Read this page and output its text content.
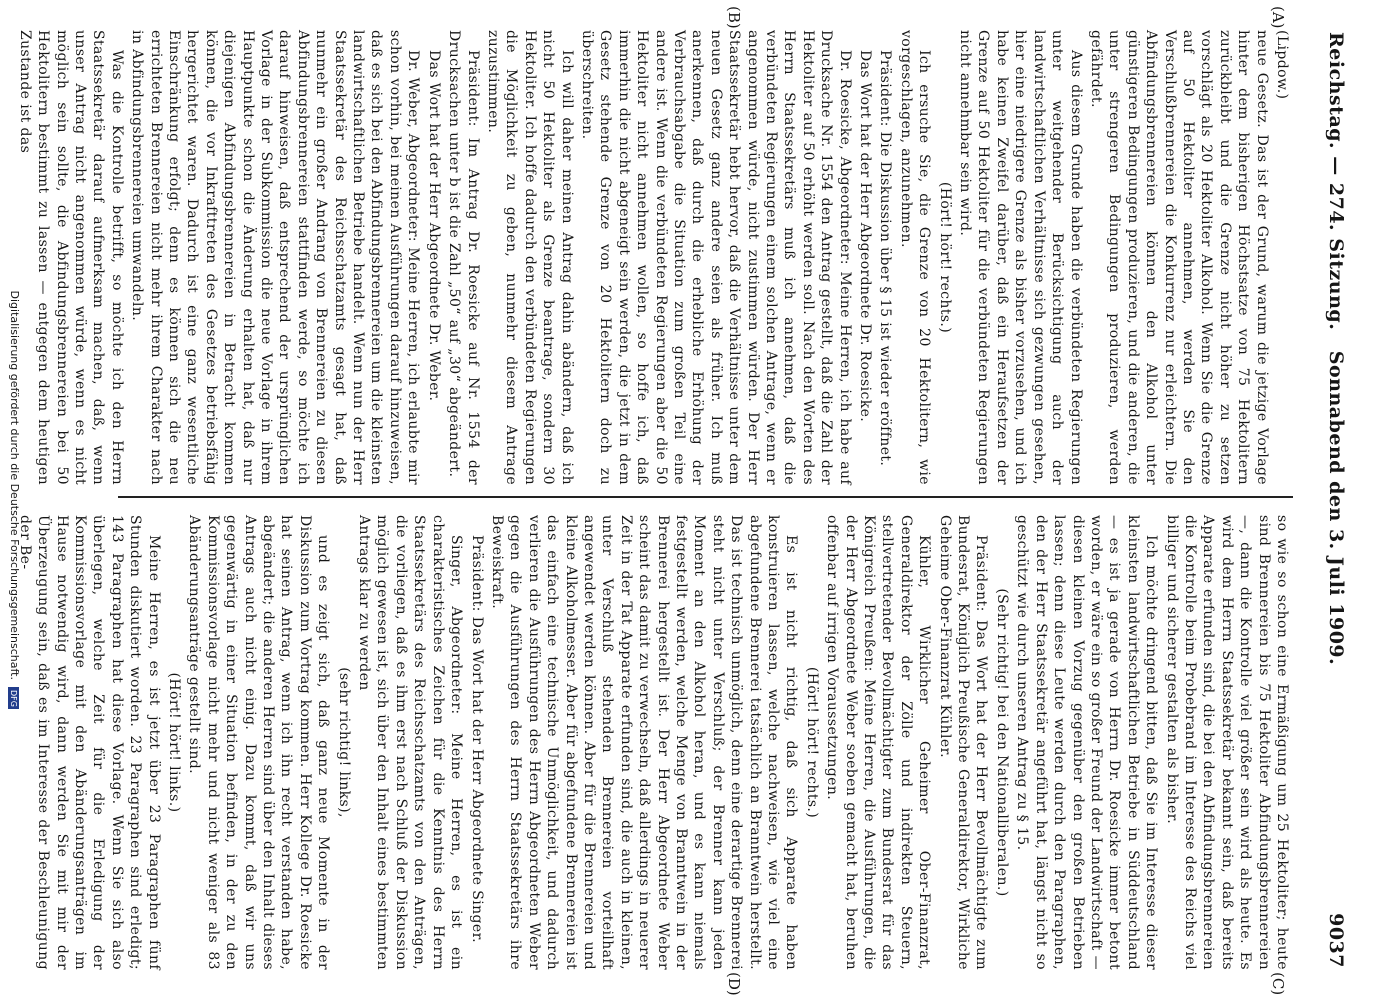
Reichstag. — 274. Sitzung.
Sonnabend den 3. Juli 1909.
9037
(A)
(B)
(C)
(D)

(Lipdow.)

neue Gesetz. Das ist der Grund, warum die jetzige Vorlage hinter dem bisherigen Höchstsatze von 75 Hektolitern zurückbleibt und die Grenze nicht höher zu setzen vorschlägt als 20 Hektoliter Alkohol. Wenn Sie die Grenze auf 50 Hektoliter annehmen, werden Sie den Verschlußbrennereien die Konkurrenz nur erleichtern. Die Abfindungsbrennereien können den Alkohol unter günstigeren Bedingungen produzieren, und die anderen, die unter strengeren Bedingungen produzieren, werden gefährdet.

Aus diesem Grunde haben die verbündeten Regierungen unter weitgehender Berücksichtigung auch der landwirtschaftlichen Verhältnisse sich gezwungen gesehen, hier eine niedrigere Grenze als bisher vorzusehen, und ich habe keinen Zweifel darüber, daß ein Heraufsetzen der Grenze auf 50 Hektoliter für die verbündeten Regierungen nicht annehmbar sein wird.

(Hört! hört! rechts.)

Ich ersuche Sie, die Grenze von 20 Hektolitern, wie vorgeschlagen, anzunehmen.

Präsident: Die Diskussion über § 15 ist wieder eröffnet.

Das Wort hat der Herr Abgeordnete Dr. Roesicke.

Dr. Roesicke, Abgeordneter: Meine Herren, ich habe auf Drucksache Nr. 1554 den Antrag gestellt, daß die Zahl der Hektoliter auf 50 erhöht werden soll. Nach den Worten des Herrn Staatssekretärs muß ich annehmen, daß die verbündeten Regierungen einem solchen Antrage, wenn er angenommen würde, nicht zustimmen würden. Der Herr Staatssekretär hebt hervor, daß die Verhältnisse unter dem neuen Gesetz ganz andere seien als früher. Ich muß anerkennen, daß durch die erhebliche Erhöhung der Verbrauchsabgabe die Situation zum großen Teil eine andere ist. Wenn die verbündeten Regierungen aber die 50 Hektoliter nicht annehmen wollen, so hoffe ich, daß immerhin die nicht abgeneigt sein werden, die jetzt in dem Gesetz stehende Grenze von 20 Hektolitern doch zu überschreiten.

Ich will daher meinen Antrag dahin abändern, daß ich nicht 50 Hektoliter als Grenze beantrage, sondern 30 Hektoliter. Ich hoffe dadurch den verbündeten Regierungen die Möglichkeit zu geben, nunmehr diesem Antrage zuzustimmen.

Präsident: Im Antrag Dr. Roesicke auf Nr. 1554 der Drucksachen unter b ist die Zahl „50“ auf „30“ abgeändert.

Das Wort hat der Herr Abgeordnete Dr. Weber.

Dr. Weber, Abgeordneter: Meine Herren, ich erlaubte mir schon vorhin, bei meinen Ausführungen darauf hinzuweisen, daß es sich bei den Abfindungsbrennereien um die kleinsten landwirtschaftlichen Betriebe handelt. Wenn nun der Herr Staatssekretär des Reichsschatzamts gesagt hat, daß nunmehr ein großer Andrang von Brennereien zu diesen Abfindungsbrennereien stattfinden werde, so möchte ich darauf hinweisen, daß entsprechend der ursprünglichen Vorlage in der Subkommission die neue Vorlage in ihrem Hauptpunkte schon die Änderung erhalten hat, daß nur diejenigen Abfindungsbrennereien in Betracht kommen können, die vor Inkrafttreten des Gesetzes betriebsfähig hergerichtet waren. Dadurch ist eine ganz wesentliche Einschränkung erfolgt; denn es können sich die neu errichteten Brennereien nicht mehr ihrem Charakter nach in Abfindungsbrennereien umwandeln.

Was die Kontrolle betrifft, so möchte ich den Herrn Staatssekretär darauf aufmerksam machen, daß, wenn unser Antrag nicht angenommen würde, wenn es nicht möglich sein sollte, die Abfindungsbrennereien bei 50 Hektolitern bestimmt zu lassen — entgegen dem heutigen Zustande ist das

so wie so schon eine Ermäßigung um 25 Hektoliter; heute sind Brennereien bis 75 Hektoliter Abfindungsbrennereien —, dann die Kontrolle viel größer sein wird als heute. Es wird dem Herrn Staatssekretär bekannt sein, daß bereits Apparate erfunden sind, die bei den Abfindungsbrennereien die Kontrolle beim Probebrand im Interesse des Reichs viel billiger und sicherer gestalten als bisher.

Ich möchte dringend bitten, daß Sie im Interesse dieser kleinsten landwirtschaftlichen Betriebe in Süddeutschland — es ist ja gerade von Herrn Dr. Roesicke immer betont worden, er wäre ein so großer Freund der Landwirtschaft — diesen kleinen Vorzug gegenüber den großen Betrieben lassen; denn diese Leute werden durch den Paragraphen, den der Herr Staatssekretär angeführt hat, längst nicht so geschützt wie durch unseren Antrag zu § 15.

(Sehr richtig! bei den Nationalliberalen.)

Präsident: Das Wort hat der Herr Bevollmächtigte zum Bundesrat, Königlich Preußische Generaldirektor, Wirkliche Geheime Ober-Finanzrat Kühler.

Kühler, Wirklicher Geheimer Ober-Finanzrat, Generaldirektor der Zölle und indirekten Steuern, stellvertretender Bevollmächtigter zum Bundesrat für das Königreich Preußen: Meine Herren, die Ausführungen, die der Herr Abgeordnete Weber soeben gemacht hat, beruhen offenbar auf irrigen Voraussetzungen.

(Hört! hört! rechts.)

Es ist nicht richtig, daß sich Apparate haben konstruieren lassen, welche nachweisen, wie viel eine abgefundene Brennerei tatsächlich an Branntwein herstellt. Das ist technisch unmöglich, denn eine derartige Brennerei steht nicht unter Verschluß; der Brenner kann jeden Moment an den Alkohol heran, und es kann niemals festgestellt werden, welche Menge von Branntwein in der Brennerei hergestellt ist. Der Herr Abgeordnete Weber scheint das damit zu verwechseln, daß allerdings in neuerer Zeit in der Tat Apparate erfunden sind, die auch in kleinen, unter Verschluß stehenden Brennereien vorteilhaft angewendet werden können. Aber für die Brennereien und kleine Alkoholmesser. Aber für abgefundene Brennereien ist das einfach eine technische Unmöglichkeit, und dadurch verlieren die Ausführungen des Herrn Abgeordneten Weber gegen die Ausführungen des Herrn Staatssekretärs ihre Beweiskraft.

Präsident: Das Wort hat der Herr Abgeordnete Singer.

Singer, Abgeordneter: Meine Herren, es ist ein charakteristisches Zeichen für die Kenntnis des Herrn Staatssekretärs des Reichsschatzamts von den Anträgen, die vorliegen, daß es ihm erst nach Schluß der Diskussion möglich gewesen ist, sich über den Inhalt eines bestimmten Antrags klar zu werden

(sehr richtig! links),

und es zeigt sich, daß ganz neue Momente in der Diskussion zum Vortrag kommen. Herr Kollege Dr. Roesicke hat seinen Antrag, wenn ich ihn recht verstanden habe, abgeändert; die anderen Herren sind über den Inhalt dieses Antrags auch nicht einig. Dazu kommt, daß wir uns gegenwärtig in einer Situation befinden, in der zu den Kommissionsvorlage nicht mehr und nicht weniger als 83 Abänderungsanträge gestellt sind.

(Hört! hört! links.)

Meine Herren, es ist jetzt über 23 Paragraphen fünf Stunden diskutiert worden. 23 Paragraphen sind erledigt; 143 Paragraphen hat diese Vorlage. Wenn Sie sich also überlegen, welche Zeit für die Erledigung der Kommissionsvorlage mit den Abänderungsanträgen im Hause notwendig wird, dann werden Sie mit mir der Überzeugung sein, daß es im Interesse der Beschleunigung der Be-

Digitalisierung gefördert durch die Deutsche Forschungsgemeinschaft. DFG
